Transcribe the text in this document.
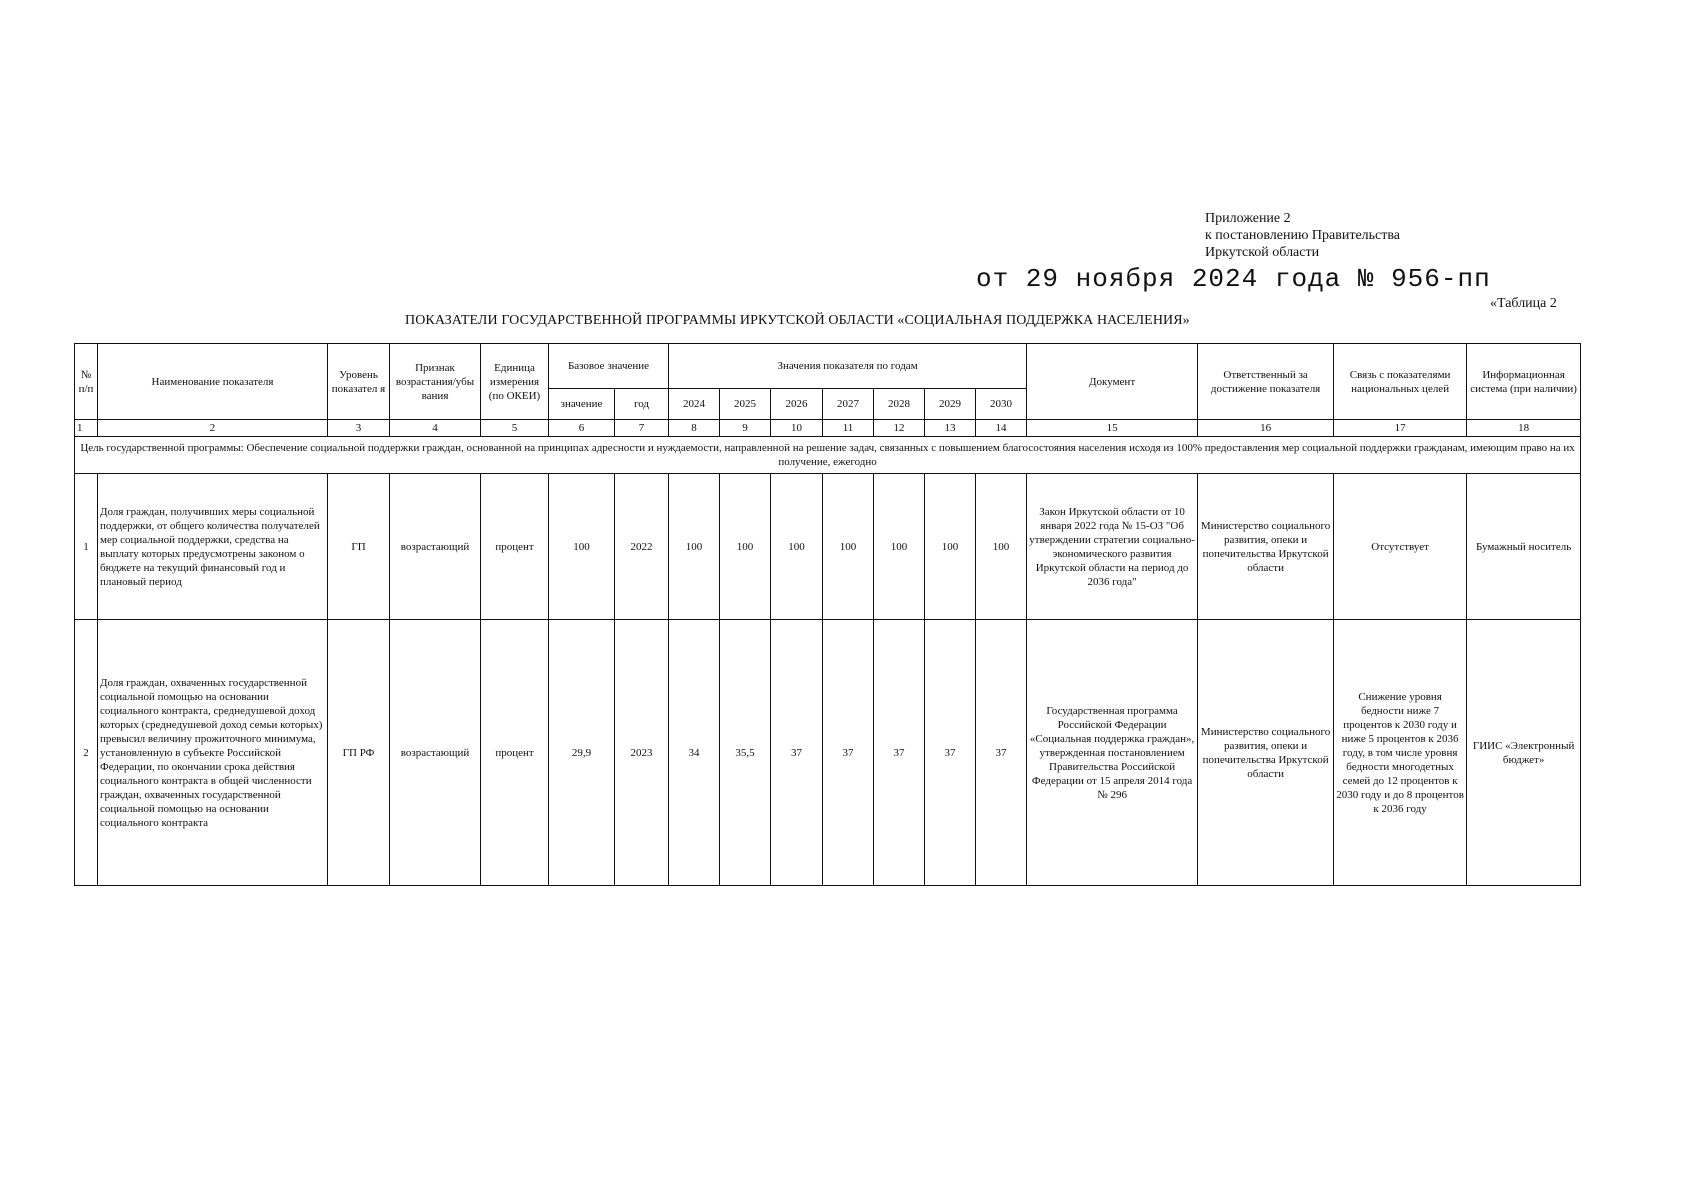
Приложение 2
к постановлению Правительства
Иркутской области
от 29 ноября 2024 года № 956-пп
«Таблица 2
ПОКАЗАТЕЛИ ГОСУДАРСТВЕННОЙ ПРОГРАММЫ ИРКУТСКОЙ ОБЛАСТИ «СОЦИАЛЬНАЯ ПОДДЕРЖКА НАСЕЛЕНИЯ»
№ п/п	Наименование показателя	Уровень показател я	Признак возрастания/убы вания	Единица измерения (по ОКЕИ)	Базовое значение		Значения показателя по годам							Документ	Ответственный за достижение показателя	Связь с показателями национальных целей	Информационная система (при наличии)
					значение	год	2024	2025	2026	2027	2028	2029	2030				
1	2	3	4	5	6	7	8	9	10	11	12	13	14	15	16	17	18
Цель государственной программы: Обеспечение социальной поддержки граждан, основанной на принципах адресности и нуждаемости, направленной на решение задач, связанных с повышением благосостояния населения исходя из 100% предоставления мер социальной поддержки гражданам, имеющим право на их получение, ежегодно																	
1	Доля граждан, получивших меры социальной поддержки, от общего количества получателей мер социальной поддержки, средства на выплату которых предусмотрены законом о бюджете на текущий финансовый год и плановый период	ГП	возрастающий	процент	100	2022	100	100	100	100	100	100	100	Закон Иркутской области от 10 января 2022 года № 15-ОЗ "Об утверждении стратегии социально-экономического развития Иркутской области на период до 2036 года"	Министерство социального развития, опеки и попечительства Иркутской области	Отсутствует	Бумажный носитель
2	Доля граждан, охваченных государственной социальной помощью на основании социального контракта, среднедушевой доход которых (среднедушевой доход семьи которых) превысил величину прожиточного минимума, установленную в субъекте Российской Федерации, по окончании срока действия социального контракта в общей численности граждан, охваченных государственной социальной помощью на основании социального контракта	ГП РФ	возрастающий	процент	29,9	2023	34	35,5	37	37	37	37	37	Государственная программа Российской Федерации «Социальная поддержка граждан», утвержденная постановлением Правительства Российской Федерации от 15 апреля 2014 года № 296	Министерство социального развития, опеки и попечительства Иркутской области	Снижение уровня бедности ниже 7 процентов к 2030 году и ниже 5 процентов к 2036 году, в том числе уровня бедности многодетных семей до 12 процентов к 2030 году и до 8 процентов к 2036 году	ГИИС «Электронный бюджет»
